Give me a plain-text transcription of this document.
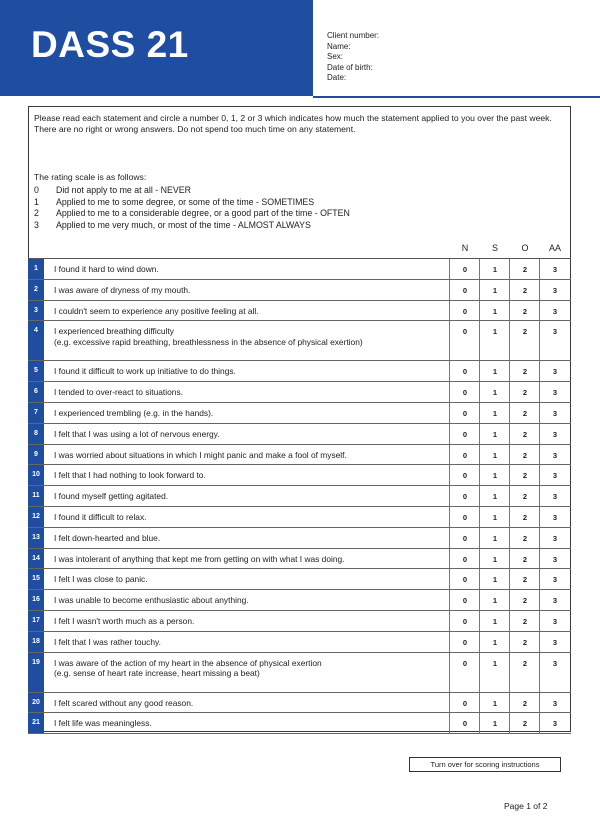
DASS 21	Client number:
Name:
Sex:
Date of birth:
Date:
Please read each statement and circle a number 0, 1, 2 or 3 which indicates how much the statement applied to you over the past week. There are no right or wrong answers. Do not spend too much time on any statement.
The rating scale is as follows:
0	Did not apply to me at all - NEVER
1	Applied to me to some degree, or some of the time - SOMETIMES
2	Applied to me to a considerable degree, or a good part of the time - OFTEN
3	Applied to me very much, or most of the time - ALMOST ALWAYS
N	S	O	AA
1	I found it hard to wind down.	0	1	2	3
2	I was aware of dryness of my mouth.	0	1	2	3
3	I couldn't seem to experience any positive feeling at all.	0	1	2	3
4	I experienced breathing difficulty
(e.g. excessive rapid breathing, breathlessness in the absence of physical exertion)
0	1	2	3
5	I found it difficult to work up initiative to do things.	0	1	2	3
6	I tended to over-react to situations.	0	1	2	3
7	I experienced trembling (e.g. in the hands).	0	1	2	3
8	I felt that I was using a lot of nervous energy.	0	1	2	3
9	I was worried about situations in which I might panic and make a fool of myself.	0	1	2	3
10	I felt that I had nothing to look forward to.	0	1	2	3
11	I found myself getting agitated.	0	1	2	3
12	I found it difficult to relax.	0	1	2	3
13	I felt down-hearted and blue.	0	1	2	3
14	I was intolerant of anything that kept me from getting on with what I was doing.	0	1	2	3
15	I felt I was close to panic.	0	1	2	3
16	I was unable to become enthusiastic about anything.	0	1	2	3
17	I felt I wasn't worth much as a person.	0	1	2	3
18	I felt that I was rather touchy.	0	1	2	3
19	I was aware of the action of my heart in the absence of physical exertion
(e.g. sense of heart rate increase, heart missing a beat)
0	1	2	3
20	I felt scared without any good reason.	0	1	2	3
21	I felt life was meaningless.	0	1	2	3
Turn over for scoring instructions
Page 1 of 2
